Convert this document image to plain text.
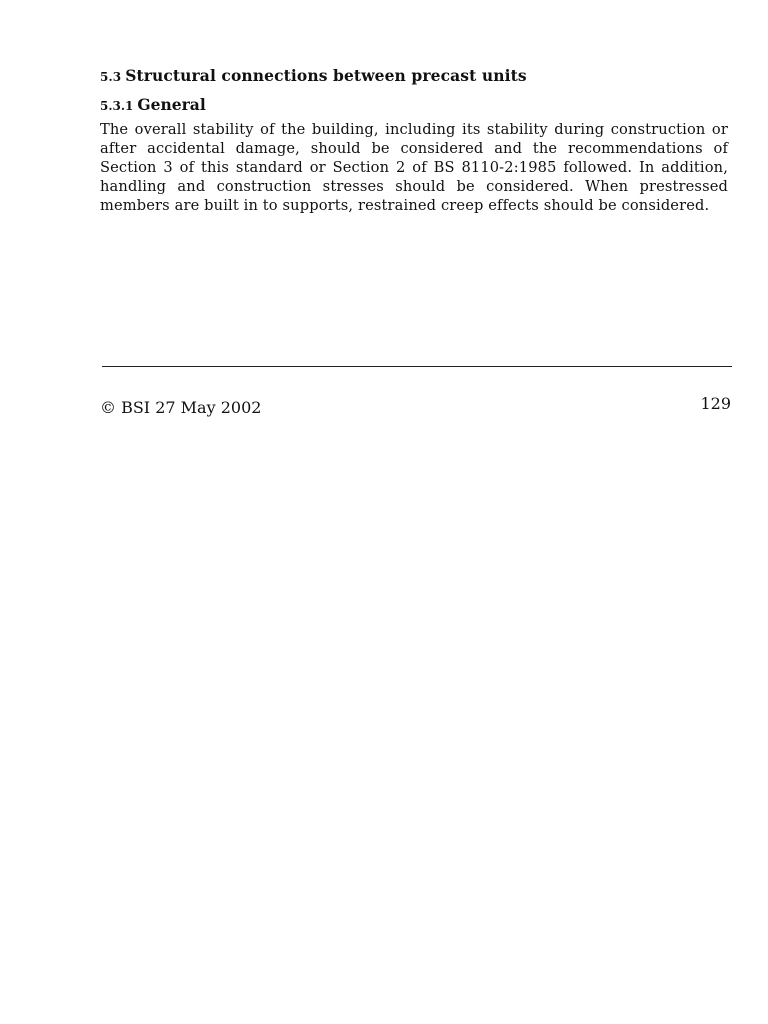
5.3 Structural connections between precast units
5.3.1 General

The overall stability of the building, including its stability during construction or after accidental damage, should be considered and the recommendations of Section 3 of this standard or Section 2 of BS 8110-2:1985 followed. In addition, handling and construction stresses should be considered. When prestressed members are built in to supports, restrained creep effects should be considered.

© BSI 27 May 2002	129
